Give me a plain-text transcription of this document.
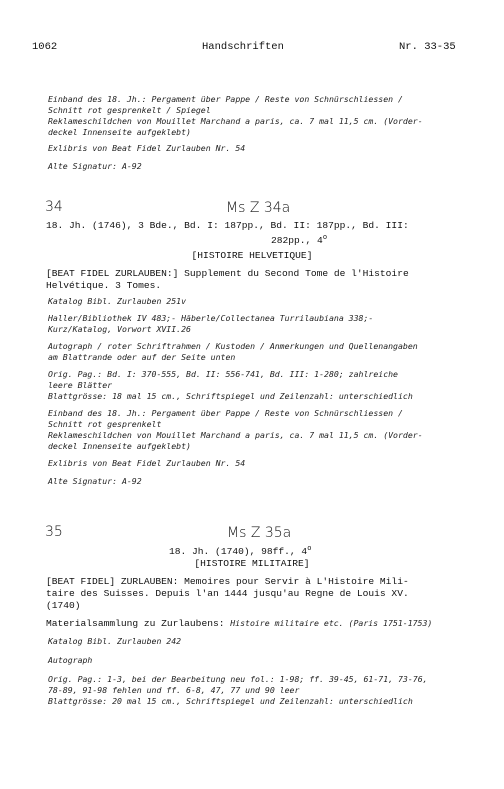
1062	Handschriften	Nr. 33-35
Einband des 18. Jh.: Pergament über Pappe / Reste von Schnürschliessen /
Schnitt rot gesprenkelt / Spiegel
Reklameschildchen von Mouillet Marchand a paris, ca. 7 mal 11,5 cm. (Vorder-
deckel Innenseite aufgeklebt)
Exlibris von Beat Fidel Zurlauben Nr. 54
Alte Signatur: A-92
34	Ms Z 34a
18. Jh. (1746), 3 Bde., Bd. I: 187pp., Bd. II: 187pp., Bd. III:
282pp., 4$^o$
[HISTOIRE HELVETIQUE]
[BEAT FIDEL ZURLAUBEN:] Supplement du Second Tome de l'Histoire
Helvétique. 3 Tomes.
Katalog Bibl. Zurlauben 251v
Haller/Bibliothek IV 483;- Häberle/Collectanea Turrilaubiana 338;-
Kurz/Katalog, Vorwort XVII.26
Autograph / roter Schriftrahmen / Kustoden / Anmerkungen und Quellenangaben
am Blattrande oder auf der Seite unten
Orig. Pag.: Bd. I: 370-555, Bd. II: 556-741, Bd. III: 1-280; zahlreiche
leere Blätter
Blattgrösse: 18 mal 15 cm., Schriftspiegel und Zeilenzahl: unterschiedlich
Einband des 18. Jh.: Pergament über Pappe / Reste von Schnürschliessen /
Schnitt rot gesprenkelt
Reklameschildchen von Mouillet Marchand a paris, ca. 7 mal 11,5 cm. (Vorder-
deckel Innenseite aufgeklebt)
Exlibris von Beat Fidel Zurlauben Nr. 54
Alte Signatur: A-92
35	Ms Z 35a
18. Jh. (1740), 98ff., 4$^o$
[HISTOIRE MILITAIRE]
[BEAT FIDEL] ZURLAUBEN: Memoires pour Servir à L'Histoire Mili-
taire des Suisses. Depuis l'an 1444 jusqu'au Regne de Louis XV.
(1740)
Materialsammlung zu Zurlaubens: Histoire militaire etc. (Paris 1751-1753)
Katalog Bibl. Zurlauben 242
Autograph
Orig. Pag.: 1-3, bei der Bearbeitung neu fol.: 1-98; ff. 39-45, 61-71, 73-76,
78-89, 91-98 fehlen und ff. 6-8, 47, 77 und 90 leer
Blattgrösse: 20 mal 15 cm., Schriftspiegel und Zeilenzahl: unterschiedlich
